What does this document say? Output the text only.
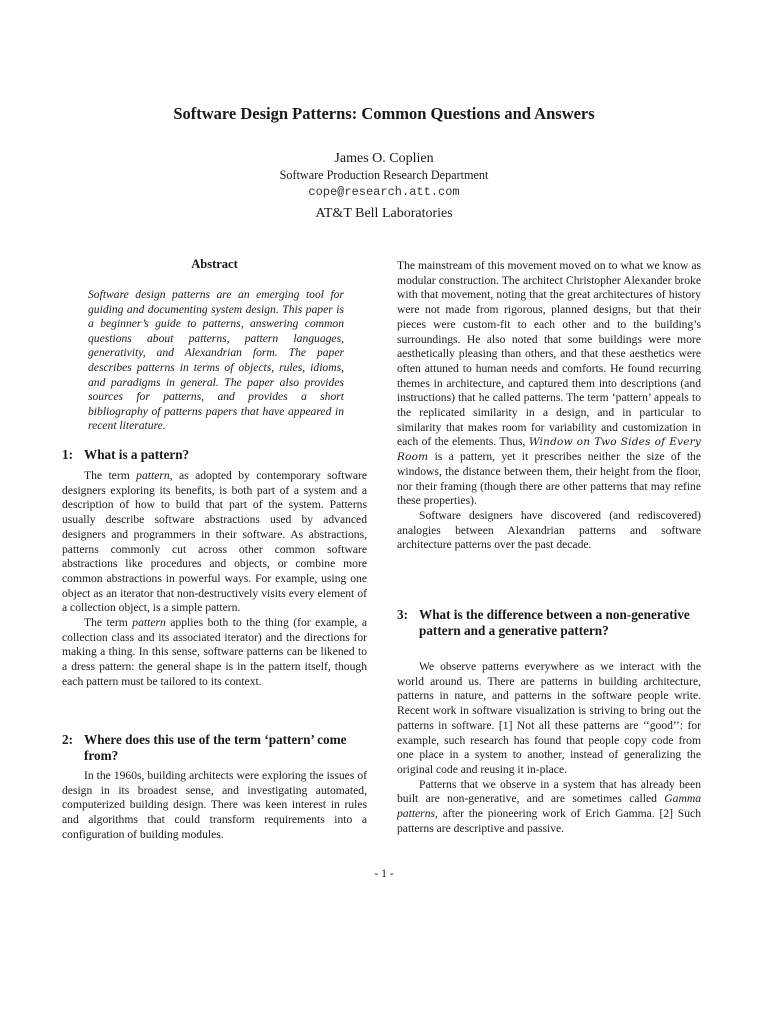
Software Design Patterns: Common Questions and Answers
James O. Coplien
Software Production Research Department
cope@research.att.com
AT&T Bell Laboratories
Abstract
Software design patterns are an emerging tool for guiding and documenting system design. This paper is a beginner’s guide to patterns, answering common questions about patterns, pattern languages, generativity, and Alexandrian form. The paper describes patterns in terms of objects, rules, idioms, and paradigms in general. The paper also provides sources for patterns, and provides a short bibliography of patterns papers that have appeared in recent literature.
1: What is a pattern?

The term pattern, as adopted by contemporary software designers exploring its benefits, is both part of a system and a description of how to build that part of the system. Patterns usually describe software abstractions used by advanced designers and programmers in their software. As abstractions, patterns commonly cut across other common software abstractions like procedures and objects, or combine more common abstractions in powerful ways. For example, using one object as an iterator that non-destructively visits every element of a collection object, is a simple pattern.

The term pattern applies both to the thing (for example, a collection class and its associated iterator) and the directions for making a thing. In this sense, software patterns can be likened to a dress pattern: the general shape is in the pattern itself, though each pattern must be tailored to its context.

2: Where does this use of the term ‘pattern’ come from?

In the 1960s, building architects were exploring the issues of design in its broadest sense, and investigating automated, computerized building design. There was keen interest in rules and algorithms that could transform requirements into a configuration of building modules.

The mainstream of this movement moved on to what we know as modular construction. The architect Christopher Alexander broke with that movement, noting that the great architectures of history were not made from rigorous, planned designs, but that their pieces were custom-fit to each other and to the building’s surroundings. He also noted that some buildings were more aesthetically pleasing than others, and that these aesthetics were often attuned to human needs and comforts. He found recurring themes in architecture, and captured them into descriptions (and instructions) that he called patterns. The term ‘pattern’ appeals to the replicated similarity in a design, and in particular to similarity that makes room for variability and customization in each of the elements. Thus, Window on Two Sides of Every Room is a pattern, yet it prescribes neither the size of the windows, the distance between them, their height from the floor, nor their framing (though there are other patterns that may refine these properties).

Software designers have discovered (and rediscovered) analogies between Alexandrian patterns and software architecture patterns over the past decade.

3: What is the difference between a non-generative pattern and a generative pattern?

We observe patterns everywhere as we interact with the world around us. There are patterns in building architecture, patterns in nature, and patterns in the software people write. Recent work in software visualization is striving to bring out the patterns in software. [1] Not all these patterns are ‘‘good’’: for example, such research has found that people copy code from one place in a system to another, instead of generalizing the original code and reusing it in-place.

Patterns that we observe in a system that has already been built are non-generative, and are sometimes called Gamma patterns, after the pioneering work of Erich Gamma. [2] Such patterns are descriptive and passive.

- 1 -
